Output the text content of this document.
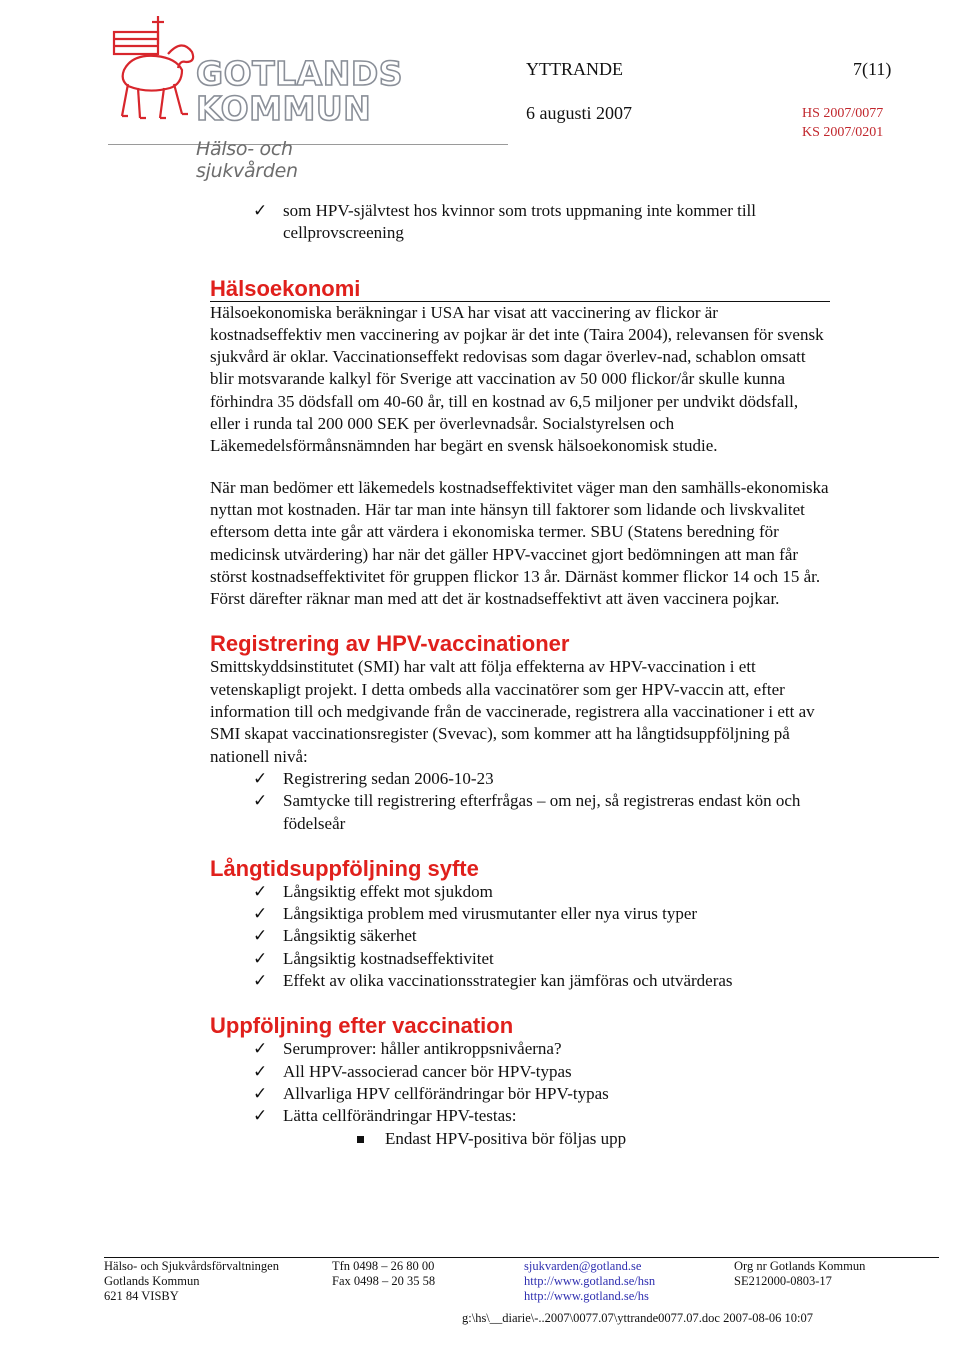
GOTLANDS
KOMMUN
Hälso- och sjukvården
YTTRANDE	7(11)
6 augusti 2007	HS 2007/0077
KS 2007/0201
✓ som HPV-självtest hos kvinnor som trots uppmaning inte kommer till cellprovscreening
Hälsoekonomi

Hälsoekonomiska beräkningar i USA har visat att vaccinering av flickor är kostnadseffektiv men vaccinering av pojkar är det inte (Taira 2004), relevansen för svensk sjukvård är oklar. Vaccinationseffekt redovisas som dagar överlev-nad, schablon omsatt blir motsvarande kalkyl för Sverige att vaccination av 50 000 flickor/år skulle kunna förhindra 35 dödsfall om 40-60 år, till en kostnad av 6,5 miljoner per undvikt dödsfall, eller i runda tal 200 000 SEK per överlevnadsår. Socialstyrelsen och Läkemedelsförmånsnämnden har begärt en svensk hälsoekonomisk studie.

När man bedömer ett läkemedels kostnadseffektivitet väger man den samhälls-ekonomiska nyttan mot kostnaden. Här tar man inte hänsyn till faktorer som lidande och livskvalitet eftersom detta inte går att värdera i ekonomiska termer. SBU (Statens beredning för medicinsk utvärdering) har när det gäller HPV-vaccinet gjort bedömningen att man får störst kostnadseffektivitet för gruppen flickor 13 år. Därnäst kommer flickor 14 och 15 år. Först därefter räknar man med att det är kostnadseffektivt att även vaccinera pojkar.

Registrering av HPV-vaccinationer

Smittskyddsinstitutet (SMI) har valt att följa effekterna av HPV-vaccination i ett vetenskapligt projekt. I detta ombeds alla vaccinatörer som ger HPV-vaccin att, efter information till och medgivande från de vaccinerade, registrera alla vaccinationer i ett av SMI skapat vaccinationsregister (Svevac), som kommer att ha långtidsuppföljning på nationell nivå:

✓ Registrering sedan 2006-10-23
✓ Samtycke till registrering efterfrågas – om nej, så registreras endast kön och födelseår
Långtidsuppföljning syfte
✓ Långsiktig effekt mot sjukdom
✓ Långsiktiga problem med virusmutanter eller nya virus typer
✓ Långsiktig säkerhet
✓ Långsiktig kostnadseffektivitet
✓ Effekt av olika vaccinationsstrategier kan jämföras och utvärderas
Uppföljning efter vaccination
✓ Serumprover: håller antikroppsnivåerna?
✓ All HPV-associerad cancer bör HPV-typas
✓ Allvarliga HPV cellförändringar bör HPV-typas
✓ Lätta cellförändringar HPV-testas:
Endast HPV-positiva bör följas upp
Hälso- och Sjukvårdsförvaltningen
Gotlands Kommun
621 84 VISBY
Tfn 0498 – 26 80 00
Fax 0498 – 20 35 58
sjukvarden@gotland.se
http://www.gotland.se/hsn
http://www.gotland.se/hs
Org nr Gotlands Kommun
SE212000-0803-17
g:\hs\__diarie\-..2007\0077.07\yttrande0077.07.doc 2007-08-06 10:07
